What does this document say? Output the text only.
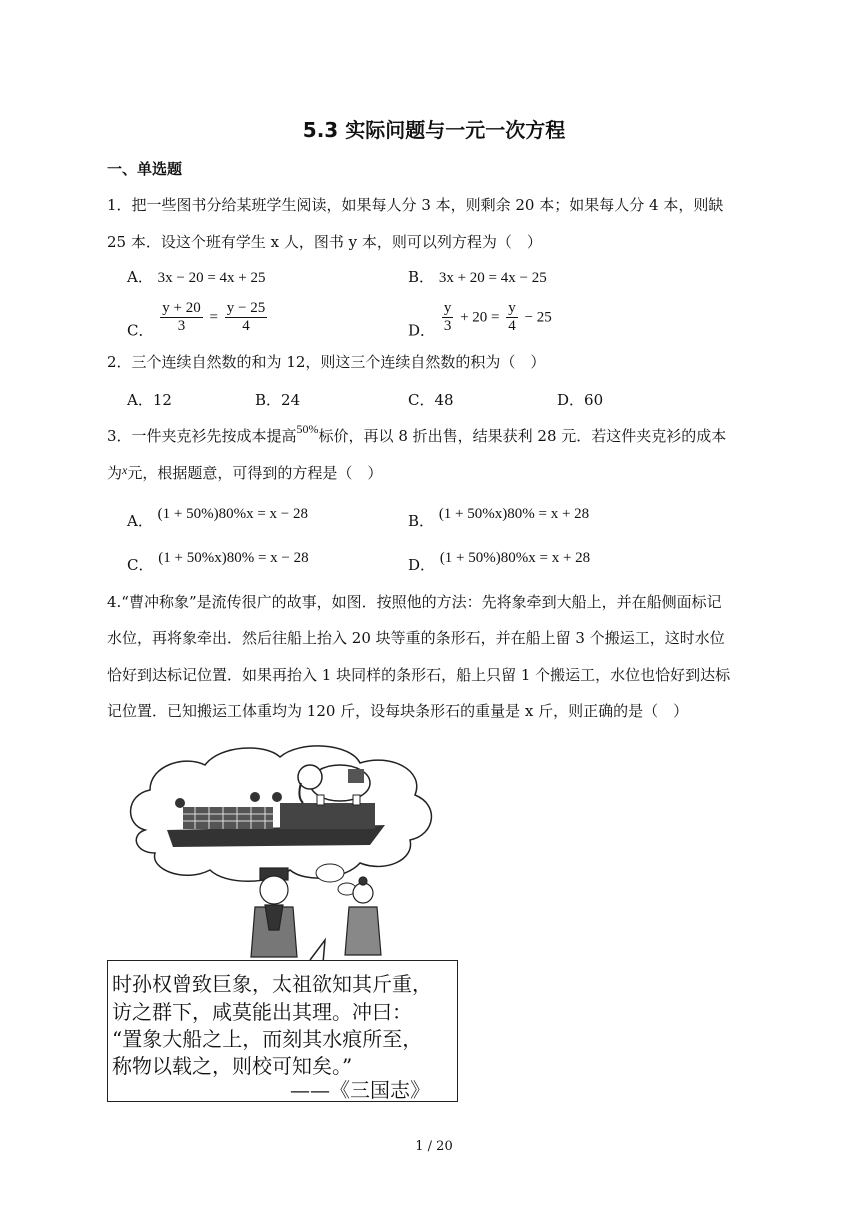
5.3 实际问题与一元一次方程
一、单选题
1．把一些图书分给某班学生阅读，如果每人分 3 本，则剩余 20 本；如果每人分 4 本，则缺
25 本．设这个班有学生 x 人，图书 y 本，则可以列方程为（　）
A． 3x − 20 = 4x + 25	B． 3x + 20 = 4x − 25
C． $\frac{y + 20}{3} = \frac{y - 25}{4}$	D． $\frac{y}{3} + 20 = \frac{y}{4} - 25$
2．三个连续自然数的和为 12，则这三个连续自然数的积为（　）
A．12	B．24	C．48	D．60
3．一件夹克衫先按成本提高$^{50\%}$标价，再以 8 折出售，结果获利 28 元．若这件夹克衫的成本
为$^x$元，根据题意，可得到的方程是（　）
A． (1 + 50%)80%x = x − 28	B． (1 + 50%x)80% = x + 28
C． (1 + 50%x)80% = x − 28	D． (1 + 50%)80%x = x + 28
4.“曹冲称象”是流传很广的故事，如图．按照他的方法：先将象牵到大船上，并在船侧面标记
水位，再将象牵出．然后往船上抬入 20 块等重的条形石，并在船上留 3 个搬运工，这时水位
恰好到达标记位置．如果再抬入 1 块同样的条形石，船上只留 1 个搬运工，水位也恰好到达标
记位置．已知搬运工体重均为 120 斤，设每块条形石的重量是 x 斤，则正确的是（　）
时孙权曾致巨象，太祖欲知其斤重，
访之群下，咸莫能出其理。冲曰：
“置象大船之上，而刻其水痕所至，
称物以载之，则校可知矣。”
——《三国志》
1 / 20
